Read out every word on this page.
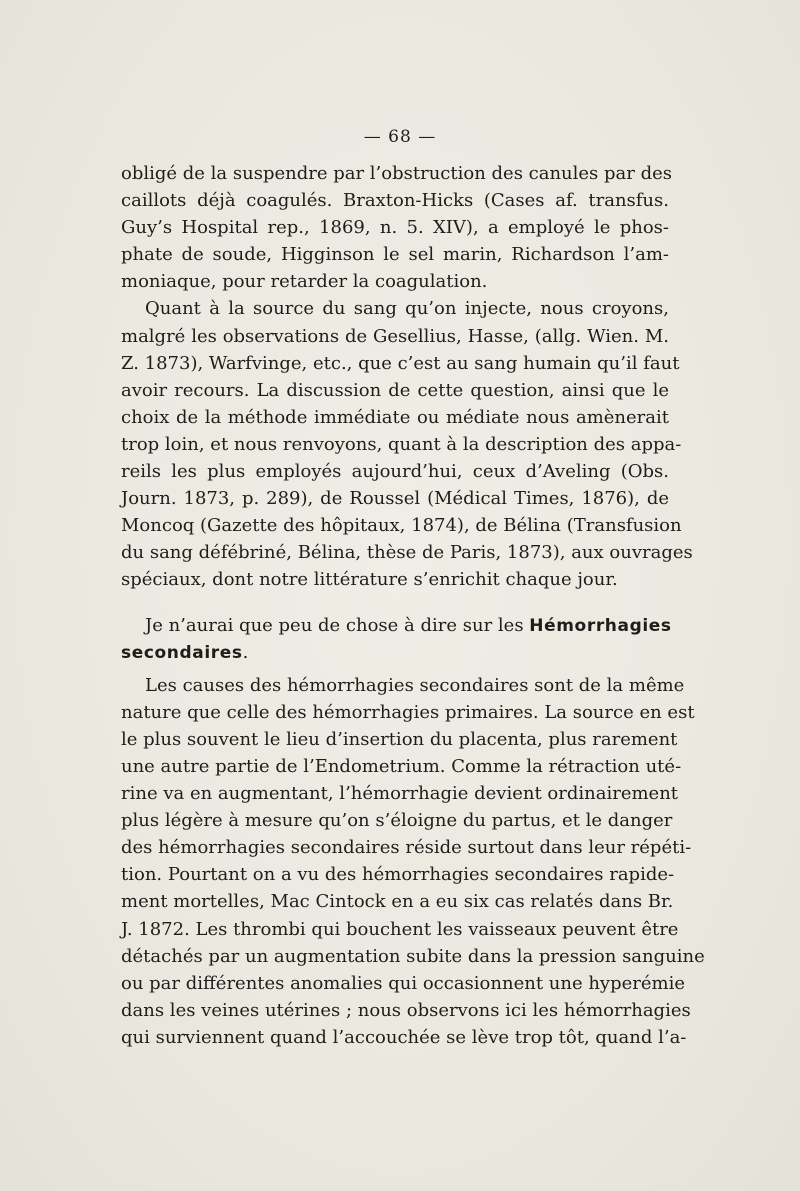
— 68 —
obligé de la suspendre par l’obstruction des canules par des
caillots déjà coagulés. Braxton-Hicks (Cases af. transfus.
Guy’s Hospital rep., 1869, n. 5. XIV), a employé le phos-
phate de soude, Higginson le sel marin, Richardson l’am-
moniaque, pour retarder la coagulation.
Quant à la source du sang qu’on injecte, nous croyons,
malgré les observations de Gesellius, Hasse, (allg. Wien. M.
Z. 1873), Warfvinge, etc., que c’est au sang humain qu’il faut
avoir recours. La discussion de cette question, ainsi que le
choix de la méthode immédiate ou médiate nous amènerait
trop loin, et nous renvoyons, quant à la description des appa-
reils les plus employés aujourd’hui, ceux d’Aveling (Obs.
Journ. 1873, p. 289), de Roussel (Médical Times, 1876), de
Moncoq (Gazette des hôpitaux, 1874), de Bélina (Transfusion
du sang défébriné, Bélina, thèse de Paris, 1873), aux ouvrages
spéciaux, dont notre littérature s’enrichit chaque jour.
Je n’aurai que peu de chose à dire sur les Hémorrhagies
secondaires.
Les causes des hémorrhagies secondaires sont de la même
nature que celle des hémorrhagies primaires. La source en est
le plus souvent le lieu d’insertion du placenta, plus rarement
une autre partie de l’Endometrium. Comme la rétraction uté-
rine va en augmentant, l’hémorrhagie devient ordinairement
plus légère à mesure qu’on s’éloigne du partus, et le danger
des hémorrhagies secondaires réside surtout dans leur répéti-
tion. Pourtant on a vu des hémorrhagies secondaires rapide-
ment mortelles, Mac Cintock en a eu six cas relatés dans Br.
J. 1872. Les thrombi qui bouchent les vaisseaux peuvent être
détachés par un augmentation subite dans la pression sanguine
ou par différentes anomalies qui occasionnent une hyperémie
dans les veines utérines ; nous observons ici les hémorrhagies
qui surviennent quand l’accouchée se lève trop tôt, quand l’a-
